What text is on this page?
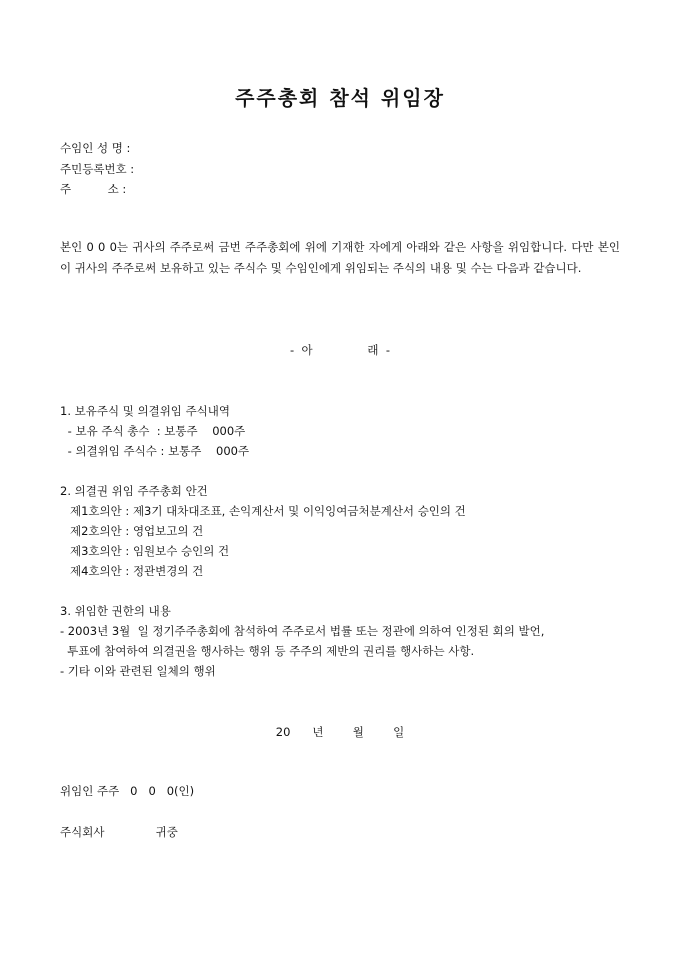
주주총회 참석 위임장
수임인 성 명 :
주민등록번호 :
주          소 :
본인 0 0 0는 귀사의 주주로써 금번 주주총회에 위에 기재한 자에게 아래와 같은 사항을 위임합니다. 다만 본인이 귀사의 주주로써 보유하고 있는 주식수 및 수임인에게 위임되는 주식의 내용 및 수는 다음과 같습니다.
-  아               래  -
1. 보유주식 및 의결위임 주식내역
- 보유 주식 총수  : 보통주    000주
- 의결위임 주식수 : 보통주    000주
2. 의결권 위임 주주총회 안건
제1호의안 : 제3기 대차대조표, 손익계산서 및 이익잉여금처분계산서 승인의 건
제2호의안 : 영업보고의 건
제3호의안 : 임원보수 승인의 건
제4호의안 : 정관변경의 건
3. 위임한 권한의 내용
- 2003년 3월  일 정기주주총회에 참석하여 주주로서 법률 또는 정관에 의하여 인정된 회의 발언,
투표에 참여하여 의결권을 행사하는 행위 등 주주의 제반의 권리를 행사하는 사항.
- 기타 이와 관련된 일체의 행위
20      년        월        일
위임인 주주   0   0   0(인)
주식회사              귀중
